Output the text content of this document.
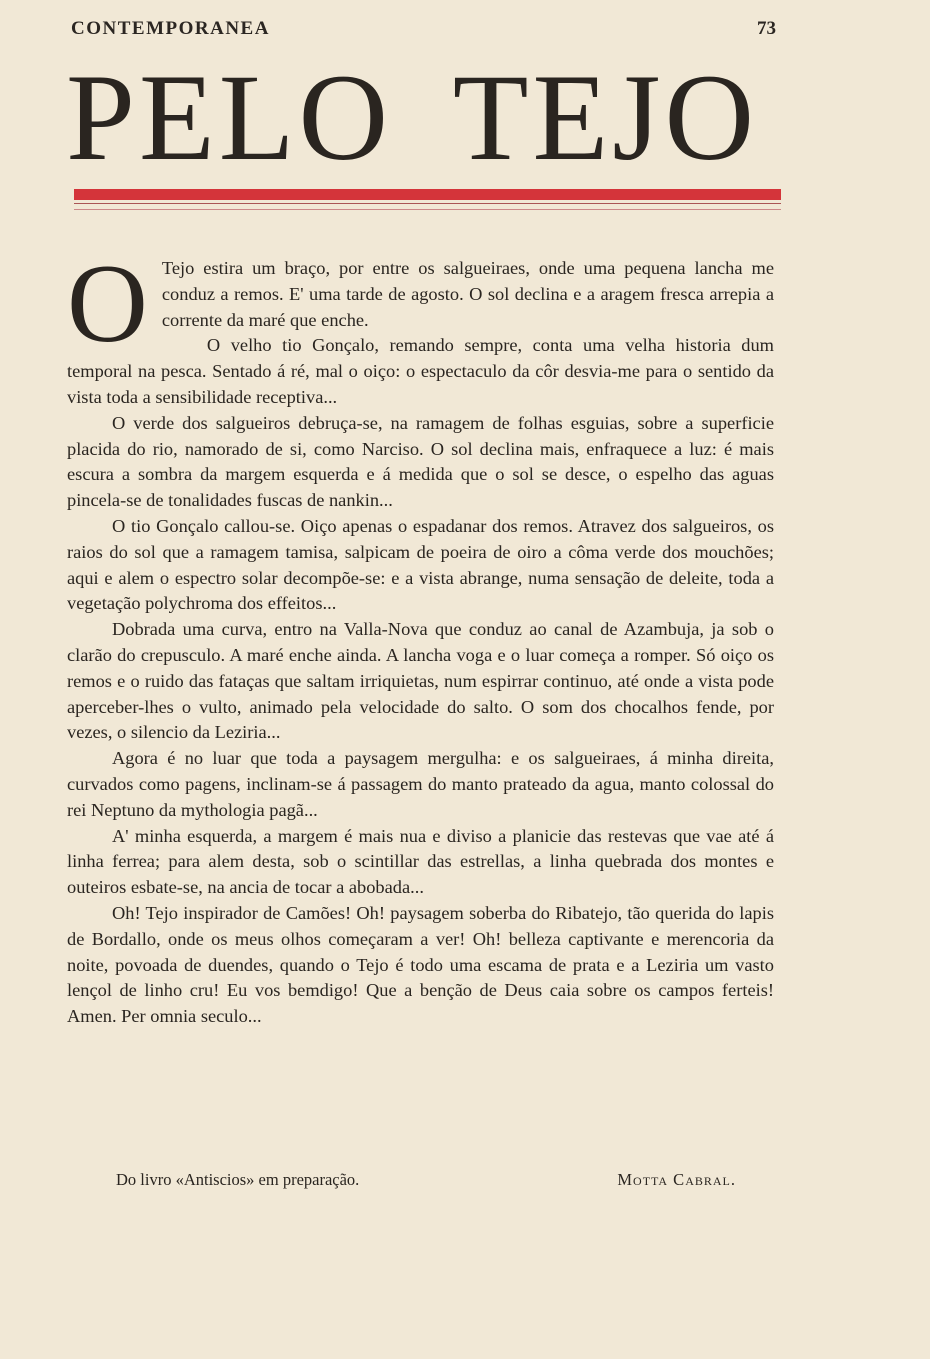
CONTEMPORANEA	73
PELO TEJO

O Tejo estira um braço, por entre os salgueiraes, onde uma pequena lancha me conduz a remos. E' uma tarde de agosto. O sol declina e a aragem fresca arrepia a corrente da maré que enche.

O velho tio Gonçalo, remando sempre, conta uma velha historia dum temporal na pesca. Sentado á ré, mal o oiço: o espectaculo da côr desvia-me para o sentido da vista toda a sensibilidade receptiva...

O verde dos salgueiros debruça-se, na ramagem de folhas esguias, sobre a superficie placida do rio, namorado de si, como Narciso. O sol declina mais, enfraquece a luz: é mais escura a sombra da margem esquerda e á medida que o sol se desce, o espelho das aguas pincela-se de tonalidades fuscas de nankin...

O tio Gonçalo callou-se. Oiço apenas o espadanar dos remos. Atravez dos salgueiros, os raios do sol que a ramagem tamisa, salpicam de poeira de oiro a côma verde dos mouchões; aqui e alem o espectro solar decompõe-se: e a vista abrange, numa sensação de deleite, toda a vegetação polychroma dos effeitos...

Dobrada uma curva, entro na Valla-Nova que conduz ao canal de Azambuja, ja sob o clarão do crepusculo. A maré enche ainda. A lancha voga e o luar começa a romper. Só oiço os remos e o ruido das fataças que saltam irriquietas, num espirrar continuo, até onde a vista pode aperceber-lhes o vulto, animado pela velocidade do salto. O som dos chocalhos fende, por vezes, o silencio da Leziria...

Agora é no luar que toda a paysagem mergulha: e os salgueiraes, á minha direita, curvados como pagens, inclinam-se á passagem do manto prateado da agua, manto colossal do rei Neptuno da mythologia pagã...

A' minha esquerda, a margem é mais nua e diviso a planicie das restevas que vae até á linha ferrea; para alem desta, sob o scintillar das estrellas, a linha quebrada dos montes e outeiros esbate-se, na ancia de tocar a abobada...

Oh! Tejo inspirador de Camões! Oh! paysagem soberba do Ribatejo, tão querida do lapis de Bordallo, onde os meus olhos começaram a ver! Oh! belleza captivante e merencoria da noite, povoada de duendes, quando o Tejo é todo uma escama de prata e a Leziria um vasto lençol de linho cru! Eu vos bemdigo! Que a benção de Deus caia sobre os campos ferteis! Amen. Per omnia seculo...

Do livro «Antiscios» em preparação.	Motta Cabral.
